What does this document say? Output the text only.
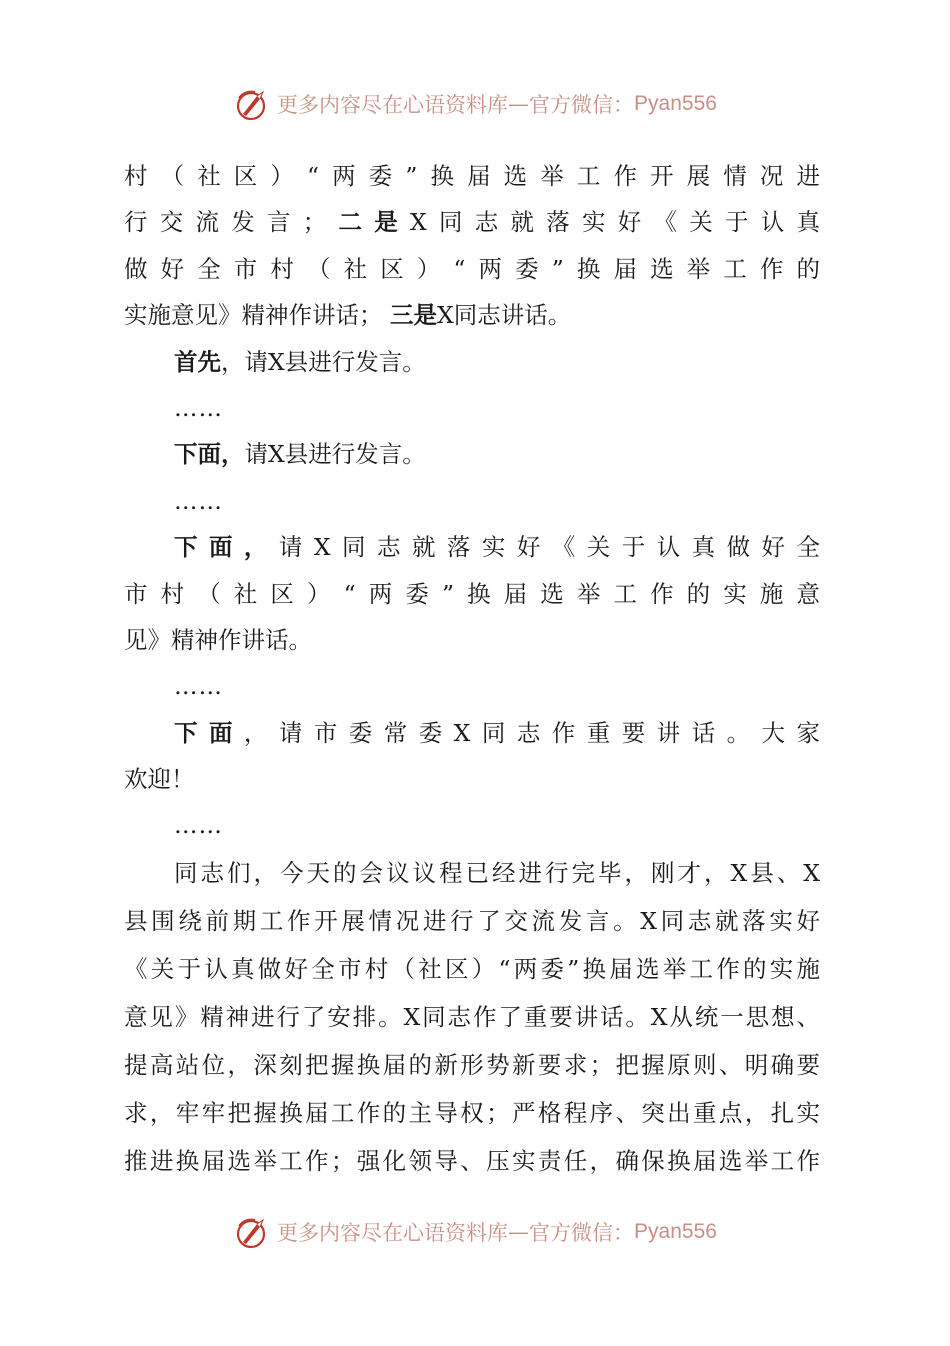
更多内容尽在心语资料库 — 官方微信： Pyan556
村（社区）“两委”换届选举工作开展情况进
行交流发言；二是X同志就落实好《关于认真
做好全市村（社区）“两委”换届选举工作的
实施意见》精神作讲话； 三是X同志讲话。
首先，请X县进行发言。
……
下面，请X县进行发言。
……
下面，请X同志就落实好《关于认真做好全
市村（社区）“两委”换届选举工作的实施意
见》精神作讲话。
……
下面，请市委常委X同志作重要讲话。大家
欢迎！
……
同志们，今天的会议议程已经进行完毕，刚才，X县、X
县围绕前期工作开展情况进行了交流发言。X同志就落实好
《关于认真做好全市村（社区）“两委”换届选举工作的实施
意见》精神进行了安排。X同志作了重要讲话。X从统一思想、
提高站位，深刻把握换届的新形势新要求；把握原则、明确要
求，牢牢把握换届工作的主导权；严格程序、突出重点，扎实
推进换届选举工作；强化领导、压实责任，确保换届选举工作
更多内容尽在心语资料库 — 官方微信： Pyan556
